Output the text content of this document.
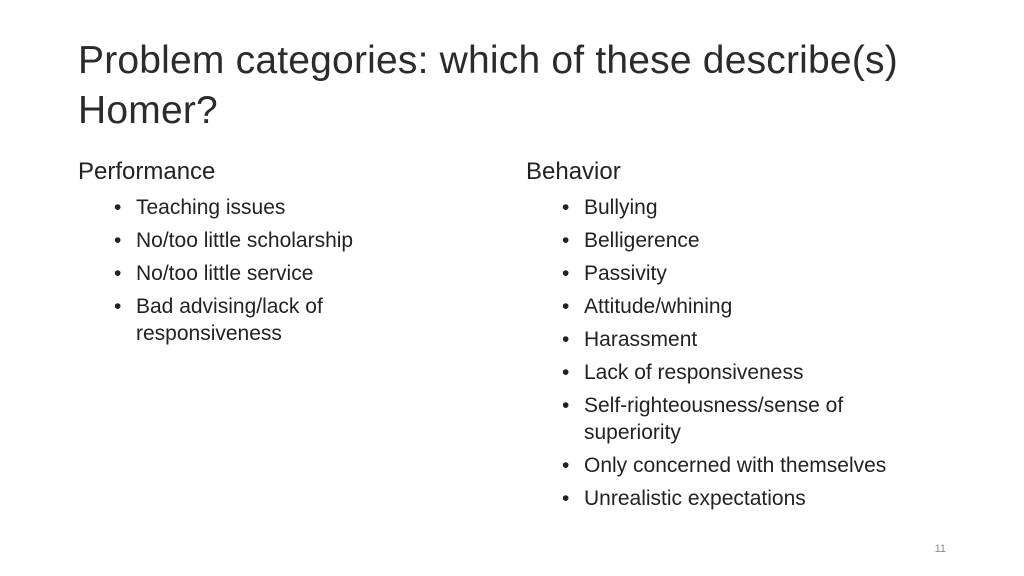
Problem categories: which of these describe(s) Homer?
Performance
• Teaching issues
• No/too little scholarship
• No/too little service
• Bad advising/lack of responsiveness
Behavior
• Bullying
• Belligerence
• Passivity
• Attitude/whining
• Harassment
• Lack of responsiveness
• Self-righteousness/sense of superiority
• Only concerned with themselves
• Unrealistic expectations
11
